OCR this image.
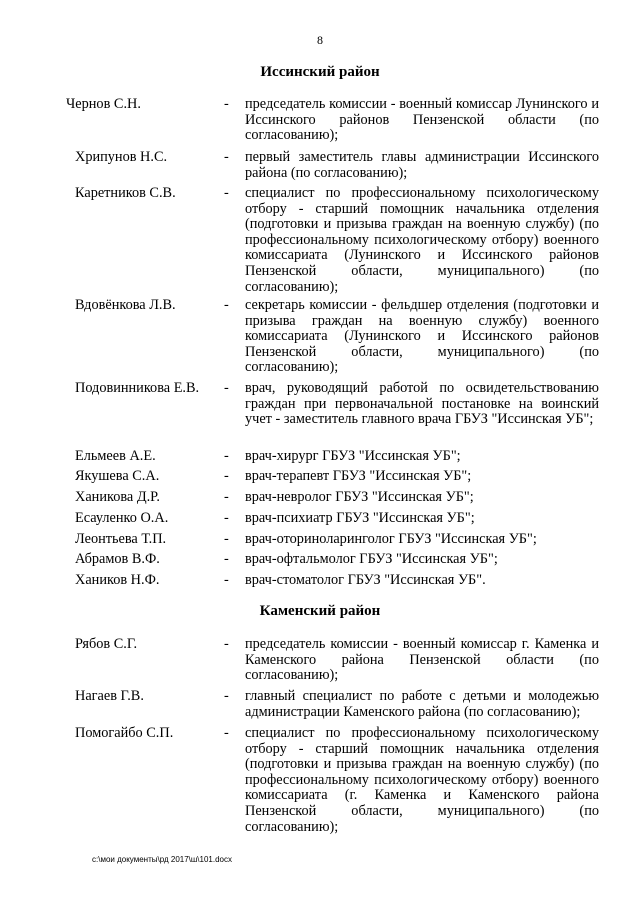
8
Иссинский район
Чернов С.Н.	- председатель комиссии - военный комиссар Лунинского и Иссинского районов Пензенской области (по согласованию);
Хрипунов Н.С.	- первый заместитель главы администрации Иссинского района (по согласованию);
Каретников С.В.	- специалист по профессиональному психологическому отбору - старший помощник начальника отделения (подготовки и призыва граждан на военную службу) (по профессиональному психологическому отбору) военного комиссариата (Лунинского и Иссинского районов Пензенской области, муниципального) (по согласованию);
Вдовёнкова Л.В.	- секретарь комиссии - фельдшер отделения (подготовки и призыва граждан на военную службу) военного комиссариата (Лунинского и Иссинского районов Пензенской области, муниципального) (по согласованию);
Подовинникова Е.В. - врач, руководящий работой по освидетельствованию граждан при первоначальной постановке на воинский учет - заместитель главного врача ГБУЗ "Иссинская УБ";
Ельмеев А.Е.	- врач-хирург ГБУЗ "Иссинская УБ";
Якушева С.А.	- врач-терапевт ГБУЗ "Иссинская УБ";
Ханикова Д.Р.	- врач-невролог ГБУЗ "Иссинская УБ";
Есауленко О.А.	- врач-психиатр ГБУЗ "Иссинская УБ";
Леонтьева Т.П.	- врач-оториноларинголог ГБУЗ "Иссинская УБ";
Абрамов В.Ф.	- врач-офтальмолог ГБУЗ "Иссинская УБ";
Хаников Н.Ф.	- врач-стоматолог ГБУЗ "Иссинская УБ".
Каменский район
Рябов С.Г.	- председатель комиссии - военный комиссар г. Каменка и Каменского района Пензенской области (по согласованию);
Нагаев Г.В.	- главный специалист по работе с детьми и молодежью администрации Каменского района (по согласованию);
Помогайбо С.П.	- специалист по профессиональному психологическому отбору - старший помощник начальника отделения (подготовки и призыва граждан на военную службу) (по профессиональному психологическому отбору) военного комиссариата (г. Каменка и Каменского района Пензенской области, муниципального) (по согласованию);
c:\мои документы\рд 2017\ш\101.docx
